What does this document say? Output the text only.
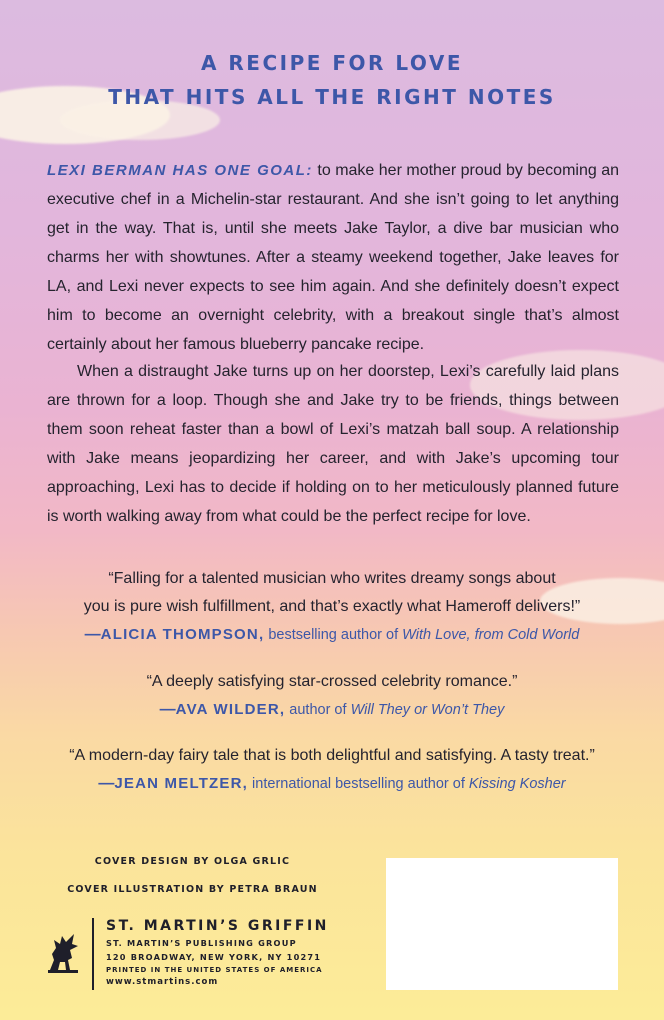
A RECIPE FOR LOVE
THAT HITS ALL THE RIGHT NOTES
LEXI BERMAN HAS ONE GOAL: to make her mother proud by becoming an executive chef in a Michelin-star restaurant. And she isn’t going to let anything get in the way. That is, until she meets Jake Taylor, a dive bar musician who charms her with showtunes. After a steamy weekend together, Jake leaves for LA, and Lexi never expects to see him again. And she definitely doesn’t expect him to become an overnight celebrity, with a breakout single that’s almost certainly about her famous blueberry pancake recipe.
When a distraught Jake turns up on her doorstep, Lexi’s carefully laid plans are thrown for a loop. Though she and Jake try to be friends, things between them soon reheat faster than a bowl of Lexi’s matzah ball soup. A relationship with Jake means jeopardizing her career, and with Jake’s upcoming tour approaching, Lexi has to decide if holding on to her meticulously planned future is worth walking away from what could be the perfect recipe for love.
“Falling for a talented musician who writes dreamy songs about
you is pure wish fulfillment, and that’s exactly what Hameroff delivers!”
—ALICIA THOMPSON, bestselling author of With Love, from Cold World
“A deeply satisfying star-crossed celebrity romance.”
—AVA WILDER, author of Will They or Won’t They
“A modern-day fairy tale that is both delightful and satisfying. A tasty treat.”
—JEAN MELTZER, international bestselling author of Kissing Kosher
COVER DESIGN BY OLGA GRLIC
COVER ILLUSTRATION BY PETRA BRAUN
ST. MARTIN’S GRIFFIN
ST. MARTIN’S PUBLISHING GROUP
120 BROADWAY, NEW YORK, NY 10271
PRINTED IN THE UNITED STATES OF AMERICA
www.stmartins.com
